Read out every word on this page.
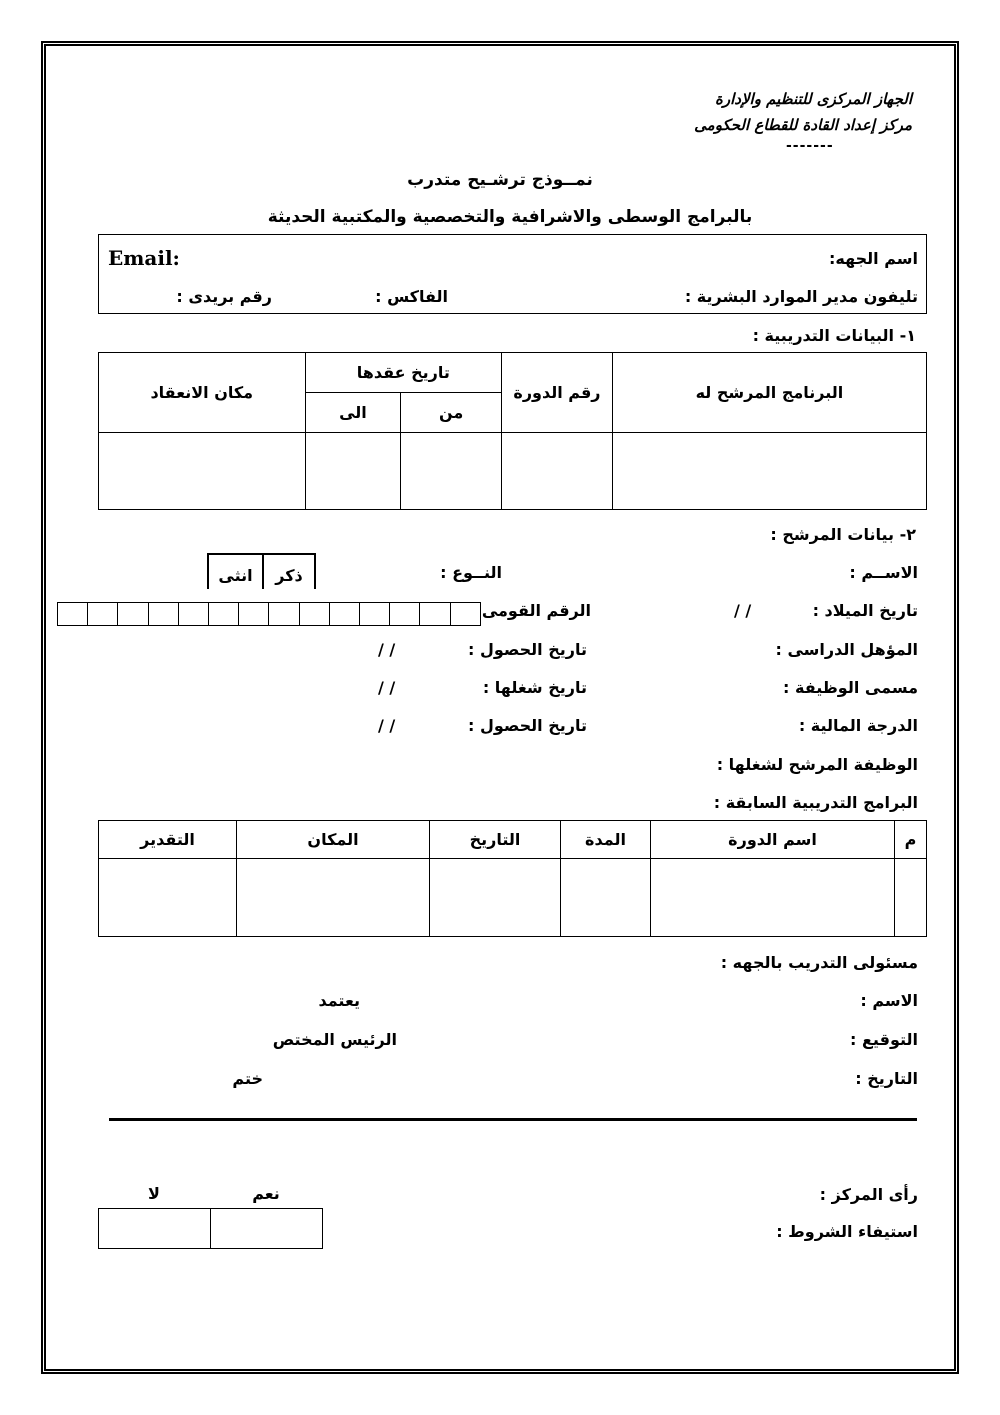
الجهاز المركزى للتنظيم والإدارة
مركز إعداد القادة للقطاع الحكومى
-------
نمــوذج ترشـيح متدرب
بالبرامج الوسطى والاشرافية والتخصصية والمكتبية الحديثة
اسم الجهه:
Email:
تليفون مدير الموارد البشرية :
الفاكس :
رقم بريدى :
١- البيانات التدريبية :
البرنامج المرشح له	رقم الدورة	تاريخ عقدها		مكان الانعقاد
		من	الى	

٢- بيانات المرشح :
الاســم :
النــوع :
ذكر
انثى
تاريخ الميلاد :
/ /
الرقم القومى
المؤهل الدراسى :
تاريخ الحصول :
/ /
مسمى الوظيفة :
تاريخ شغلها :
/ /
الدرجة المالية :
تاريخ الحصول :
/ /
الوظيفة المرشح لشغلها :
البرامج التدريبية السابقة :
م	اسم الدورة	المدة	التاريخ	المكان	التقدير

مسئولى التدريب بالجهه :
الاسم :
التوقيع :
التاريخ :
يعتمد
الرئيس المختص
ختم
رأى المركز :
استيفاء الشروط :
نعم
لا
